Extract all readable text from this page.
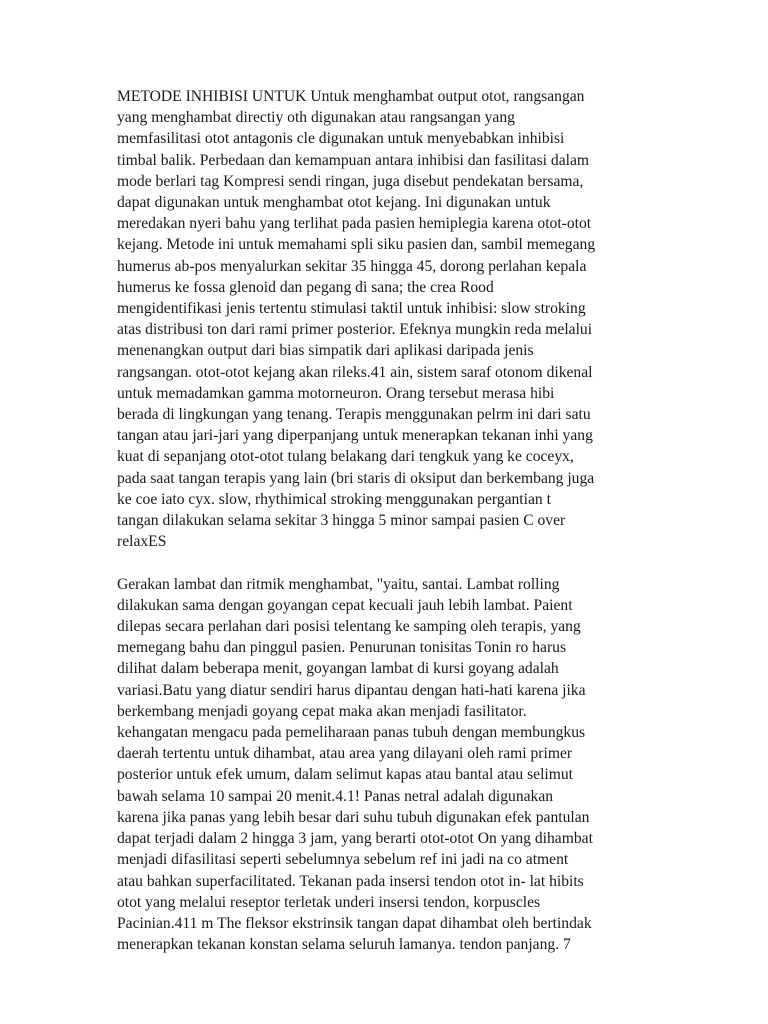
METODE INHIBISI UNTUK Untuk menghambat output otot, rangsangan
yang menghambat directiy oth digunakan atau rangsangan yang
memfasilitasi otot antagonis cle digunakan untuk menyebabkan inhibisi
timbal balik. Perbedaan dan kemampuan antara inhibisi dan fasilitasi dalam
mode berlari tag Kompresi sendi ringan, juga disebut pendekatan bersama,
dapat digunakan untuk menghambat otot kejang. Ini digunakan untuk
meredakan nyeri bahu yang terlihat pada pasien hemiplegia karena otot-otot
kejang. Metode ini untuk memahami spli siku pasien dan, sambil memegang
humerus ab-pos menyalurkan sekitar 35 hingga 45, dorong perlahan kepala
humerus ke fossa glenoid dan pegang di sana; the crea Rood
mengidentifikasi jenis tertentu stimulasi taktil untuk inhibisi: slow stroking
atas distribusi ton dari rami primer posterior. Efeknya mungkin reda melalui
menenangkan output dari bias simpatik dari aplikasi daripada jenis
rangsangan. otot-otot kejang akan rileks.41 ain, sistem saraf otonom dikenal
untuk memadamkan gamma motorneuron. Orang tersebut merasa hibi
berada di lingkungan yang tenang. Terapis menggunakan pelrm ini dari satu
tangan atau jari-jari yang diperpanjang untuk menerapkan tekanan inhi yang
kuat di sepanjang otot-otot tulang belakang dari tengkuk yang ke coceyx,
pada saat tangan terapis yang lain (bri staris di oksiput dan berkembang juga
ke coe iato cyx. slow, rhythimical stroking menggunakan pergantian t
tangan dilakukan selama sekitar 3 hingga 5 minor sampai pasien C over
relaxES
Gerakan lambat dan ritmik menghambat, "yaitu, santai. Lambat rolling
dilakukan sama dengan goyangan cepat kecuali jauh lebih lambat. Paient
dilepas secara perlahan dari posisi telentang ke samping oleh terapis, yang
memegang bahu dan pinggul pasien. Penurunan tonisitas Tonin ro harus
dilihat dalam beberapa menit, goyangan lambat di kursi goyang adalah
variasi.Batu yang diatur sendiri harus dipantau dengan hati-hati karena jika
berkembang menjadi goyang cepat maka akan menjadi fasilitator.
kehangatan mengacu pada pemeliharaan panas tubuh dengan membungkus
daerah tertentu untuk dihambat, atau area yang dilayani oleh rami primer
posterior untuk efek umum, dalam selimut kapas atau bantal atau selimut
bawah selama 10 sampai 20 menit.4.1! Panas netral adalah digunakan
karena jika panas yang lebih besar dari suhu tubuh digunakan efek pantulan
dapat terjadi dalam 2 hingga 3 jam, yang berarti otot-otot On yang dihambat
menjadi difasilitasi seperti sebelumnya sebelum ref ini jadi na co atment
atau bahkan superfacilitated. Tekanan pada insersi tendon otot in- lat hibits
otot yang melalui reseptor terletak underi insersi tendon, korpuscles
Pacinian.411 m The fleksor ekstrinsik tangan dapat dihambat oleh bertindak
menerapkan tekanan konstan selama seluruh lamanya. tendon panjang. 7
